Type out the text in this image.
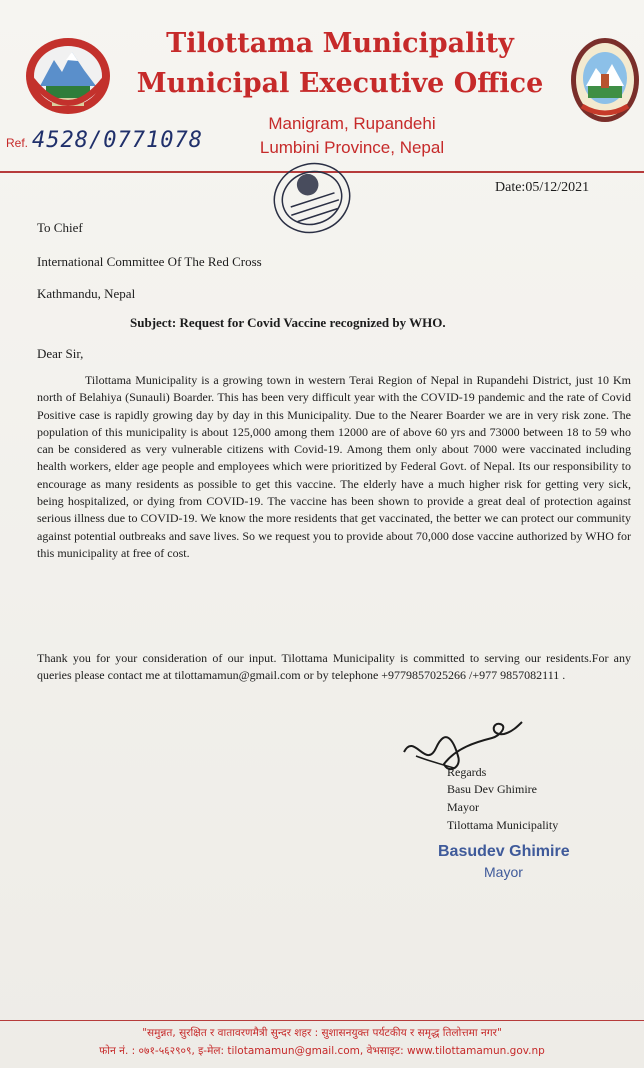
Tilottama Municipality
Municipal Executive Office
Manigram, Rupandehi
Lumbini Province, Nepal
Ref. 4528/0771078
Date:05/12/2021
To Chief
International Committee Of The Red Cross
Kathmandu, Nepal
Subject: Request for Covid Vaccine recognized by WHO.
Dear Sir,
Tilottama Municipality is a growing town in western Terai Region of Nepal in Rupandehi District, just 10 Km north of Belahiya (Sunauli) Boarder. This has been very difficult year with the COVID-19 pandemic and the rate of Covid Positive case is rapidly growing day by day in this Municipality. Due to the Nearer Boarder we are in very risk zone. The population of this municipality is about 125,000 among them 12000 are of above 60 yrs and 73000 between 18 to 59 who can be considered as very vulnerable citizens with Covid-19. Among them only about 7000 were vaccinated including health workers, elder age people and employees which were prioritized by Federal Govt. of Nepal. Its our responsibility to encourage as many residents as possible to get this vaccine. The elderly have a much higher risk for getting very sick, being hospitalized, or dying from COVID-19. The vaccine has been shown to provide a great deal of protection against serious illness due to COVID-19. We know the more residents that get vaccinated, the better we can protect our community against potential outbreaks and save lives. So we request you to provide about 70,000 dose vaccine authorized by WHO for this municipality at free of cost.
Thank you for your consideration of our input. Tilottama Municipality is committed to serving our residents.For any queries please contact me at tilottamamun@gmail.com or by telephone +9779857025266 /+977 9857082111 .
Regards
Basu Dev Ghimire
Mayor
Tilottama Municipality
Basudev Ghimire
Mayor
"समुन्नत, सुरक्षित र वातावरणमैत्री सुन्दर शहर : सुशासनयुक्त पर्यटकीय र समृद्ध तिलोत्तमा नगर"
फोन नं. : ०७१-५६२९०९, इ-मेल: tilotamamun@gmail.com, वेभसाइट: www.tilottamamun.gov.np
